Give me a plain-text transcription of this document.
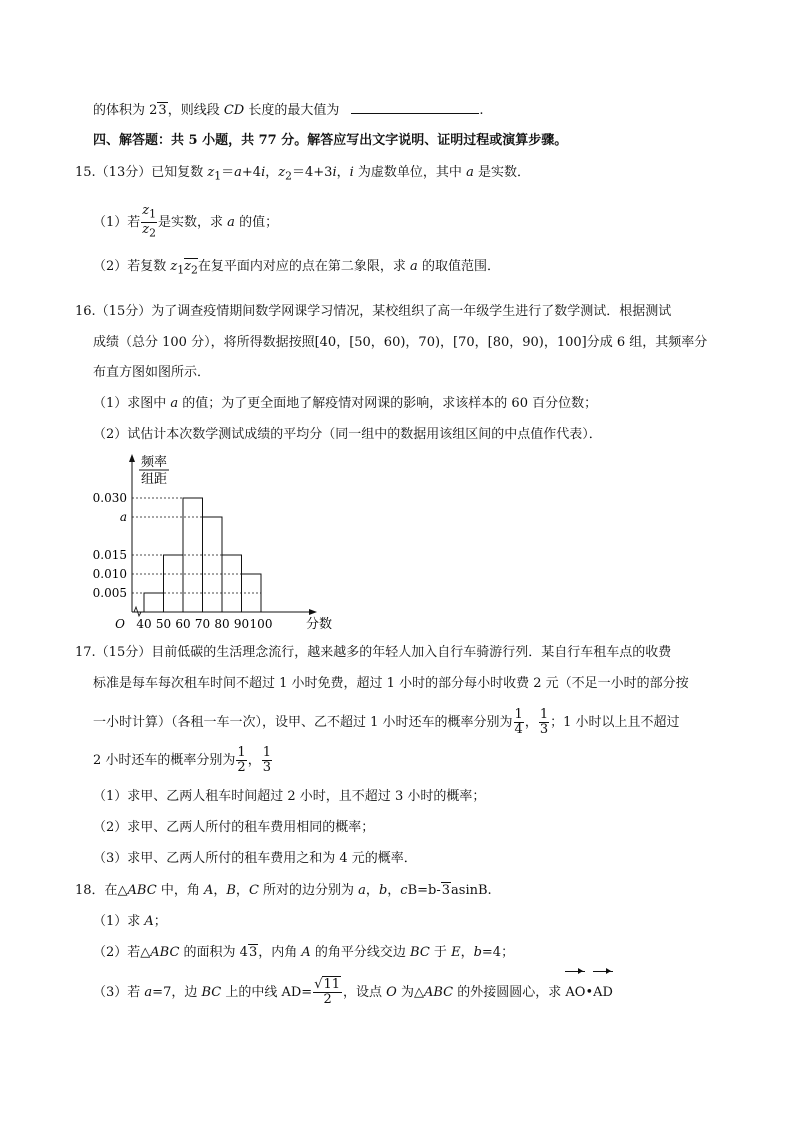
的体积为 23，则线段 CD 长度的最大值为	.
四、解答题：共 5 小题，共 77 分。解答应写出文字说明、证明过程或演算步骤。
15.（13分）已知复数 $z_1=a+4i$，$z_2=4+3i$，i 为虚数单位，其中 a 是实数．
（1）若 $\frac{z_1}{z_2}$ 是实数，求 a 的值；
（2）若复数 $z_1z_2$在复平面内对应的点在第二象限，求 a 的取值范围．
16.（15分）为了调查疫情期间数学网课学习情况，某校组织了高一年级学生进行了数学测试．根据测试
成绩（总分 100 分），将所得数据按照[40，[50，60)，70)，[70，[80，90)，100]分成 6 组，其频率分
布直方图如图所示．
（1）求图中 a 的值；为了更全面地了解疫情对网课的影响，求该样本的 60 百分位数；
（2）试估计本次数学测试成绩的平均分（同一组中的数据用该组区间的中点值作代表）．
0.005
0.010
0.015
a
0.030
40 50 60 70 80 90 100
O	分数
频率
组距
17.（15分）目前低碳的生活理念流行，越来越多的年轻人加入自行车骑游行列．某自行车租车点的收费
标准是每车每次租车时间不超过 1 小时免费，超过 1 小时的部分每小时收费 2 元（不足一小时的部分按
一小时计算）（各租一车一次），设甲、乙不超过 1 小时还车的概率分别为 $\frac{1}{4}$ ， $\frac{1}{3}$ ；1 小时以上且不超过
2 小时还车的概率分别为 $\frac{1}{2}$ ， $\frac{1}{3}$
（1）求甲、乙两人租车时间超过 2 小时，且不超过 3 小时的概率；
（2）求甲、乙两人所付的租车费用相同的概率；
（3）求甲、乙两人所付的租车费用之和为 4 元的概率．
18．在△ABC 中，角 A，B，C 所对的边分别为 a，b，cB=b-3asinB.
（1）求 A；
（2）若△ABC 的面积为 43，内角 A 的角平分线交边 BC 于 E，b=4；
（3）若 a=7，边 BC 上的中线 $AD= \frac{√11}{2}$ ，设点 O 为△ABC 的外接圆圆心，求 AO•AD
